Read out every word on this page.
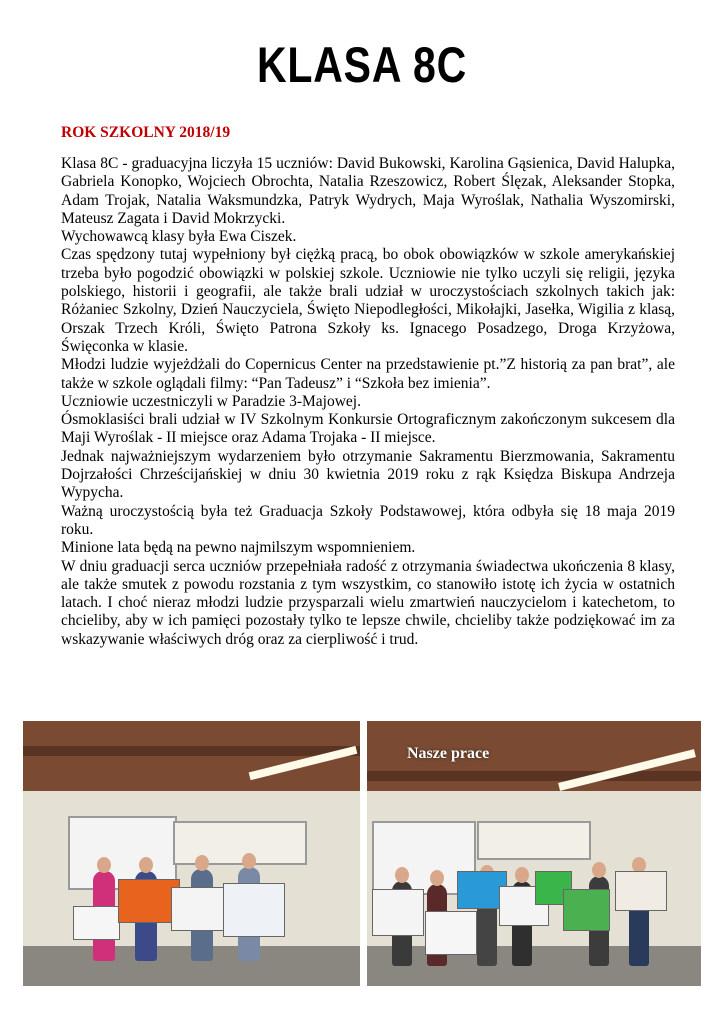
KLASA 8C
ROK SZKOLNY 2018/19

Klasa 8C - graduacyjna liczyła 15 uczniów: David Bukowski, Karolina Gąsienica, David Halupka, Gabriela Konopko, Wojciech Obrochta, Natalia Rzeszowicz, Robert Ślęzak, Aleksander Stopka, Adam Trojak, Natalia Waksmundzka, Patryk Wydrych, Maja Wyroślak, Nathalia Wyszomirski, Mateusz Zagata i David Mokrzycki.

Wychowawcą klasy była Ewa Ciszek.

Czas spędzony tutaj wypełniony był ciężką pracą, bo obok obowiązków w szkole amerykańskiej trzeba było pogodzić obowiązki w polskiej szkole. Uczniowie nie tylko uczyli się religii, języka polskiego, historii i geografii, ale także brali udział w uroczystościach szkolnych takich jak: Różaniec Szkolny, Dzień Nauczyciela, Święto Niepodległości, Mikołajki, Jasełka, Wigilia z klasą, Orszak Trzech Króli, Święto Patrona Szkoły ks. Ignacego Posadzego, Droga Krzyżowa, Święconka w klasie.

Młodzi ludzie wyjeżdżali do Copernicus Center na przedstawienie pt.”Z historią za pan brat”, ale także w szkole oglądali filmy: “Pan Tadeusz” i “Szkoła bez imienia”.

Uczniowie uczestniczyli w Paradzie 3-Majowej.

Ósmoklasiści brali udział w IV Szkolnym Konkursie Ortograficznym zakończonym sukcesem dla Maji Wyroślak - II miejsce oraz Adama Trojaka - II miejsce.

Jednak najważniejszym wydarzeniem było otrzymanie Sakramentu Bierzmowania, Sakramentu Dojrzałości Chrześcijańskiej w dniu 30 kwietnia 2019 roku z rąk Księdza Biskupa Andrzeja Wypycha.

Ważną uroczystością była też Graduacja Szkoły Podstawowej, która odbyła się 18 maja 2019 roku.

Minione lata będą na pewno najmilszym wspomnieniem.

W dniu graduacji serca uczniów przepełniała radość z otrzymania świadectwa ukończenia 8 klasy, ale także smutek z powodu rozstania z tym wszystkim, co stanowiło istotę ich życia w ostatnich latach. I choć nieraz młodzi ludzie przysparzali wielu zmartwień nauczycielom i katechetom, to chcieliby, aby w ich pamięci pozostały tylko te lepsze chwile, chcieliby także podziękować im za wskazywanie właściwych dróg oraz za cierpliwość i trud.

Nasze prace
